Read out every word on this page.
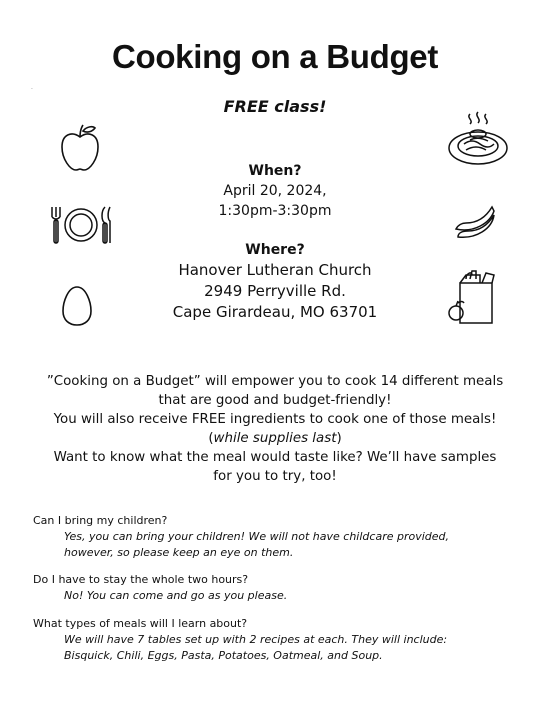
Cooking on a Budget
.
FREE class!
When?
April 20, 2024,
1:30pm-3:30pm
Where?
Hanover Lutheran Church
2949 Perryville Rd.
Cape Girardeau, MO 63701
”Cooking on a Budget” will empower you to cook 14 different meals
that are good and budget-friendly!
You will also receive FREE ingredients to cook one of those meals!
(while supplies last)
Want to know what the meal would taste like? We’ll have samples
for you to try, too!
Can I bring my children?
Yes, you can bring your children! We will not have childcare provided,
however, so please keep an eye on them.
Do I have to stay the whole two hours?
No! You can come and go as you please.
What types of meals will I learn about?
We will have 7 tables set up with 2 recipes at each. They will include:
Bisquick, Chili, Eggs, Pasta, Potatoes, Oatmeal, and Soup.
